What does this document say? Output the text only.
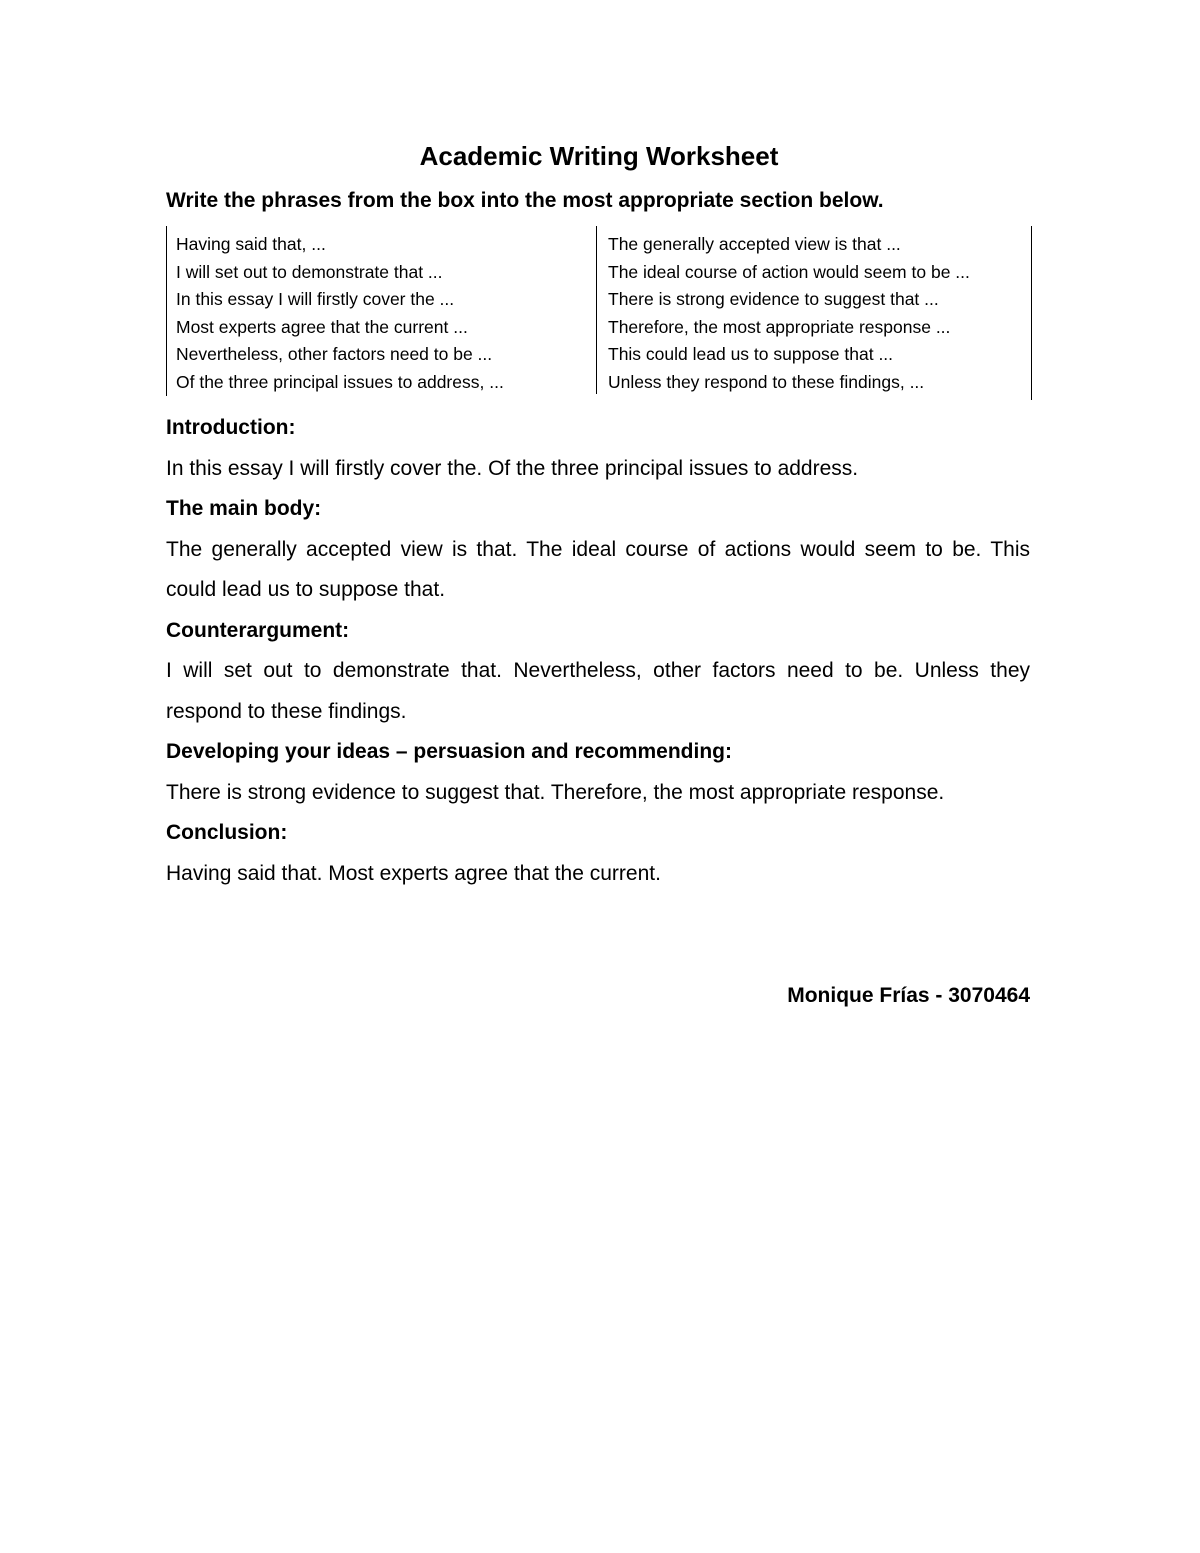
Academic Writing Worksheet
Write the phrases from the box into the most appropriate section below.
Having said that, ...
I will set out to demonstrate that ...
In this essay I will firstly cover the ...
Most experts agree that the current ...
Nevertheless, other factors need to be ...
Of the three principal issues to address, ...
The generally accepted view is that ...
The ideal course of action would seem to be ...
There is strong evidence to suggest that ...
Therefore, the most appropriate response ...
This could lead us to suppose that ...
Unless they respond to these findings, ...

Introduction:

In this essay I will firstly cover the. Of the three principal issues to address.

The main body:

The generally accepted view is that. The ideal course of actions would seem to be. This could lead us to suppose that.

Counterargument:

I will set out to demonstrate that. Nevertheless, other factors need to be. Unless they respond to these findings.

Developing your ideas – persuasion and recommending:

There is strong evidence to suggest that. Therefore, the most appropriate response.

Conclusion:

Having said that. Most experts agree that the current.

Monique Frías - 3070464
